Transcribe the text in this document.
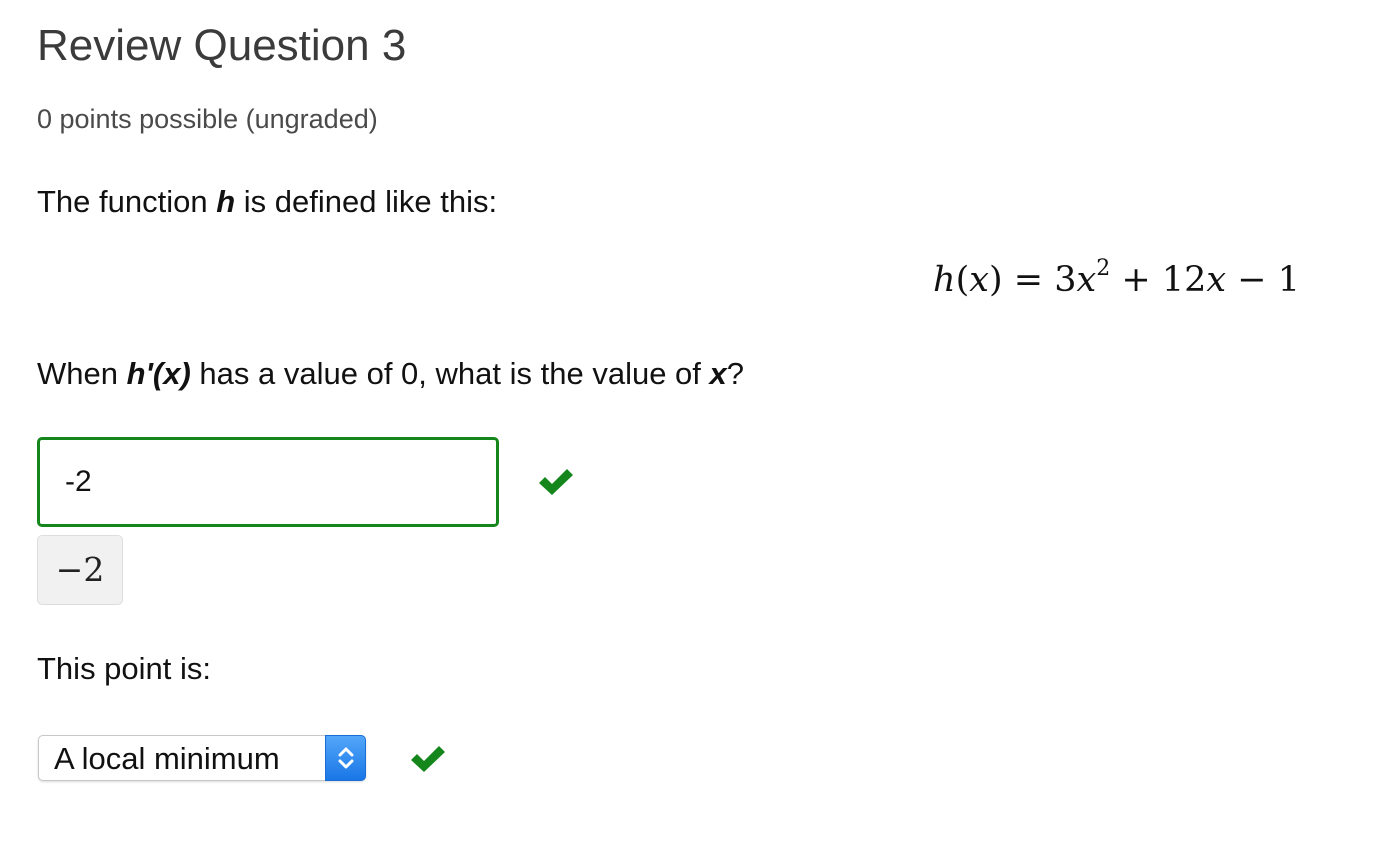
Review Question 3
0 points possible (ungraded)
The function h is defined like this:
$h(x) = 3x^2 + 12x - 1$
When h'(x) has a value of 0, what is the value of x?
-2
−2
This point is:
A local minimum
